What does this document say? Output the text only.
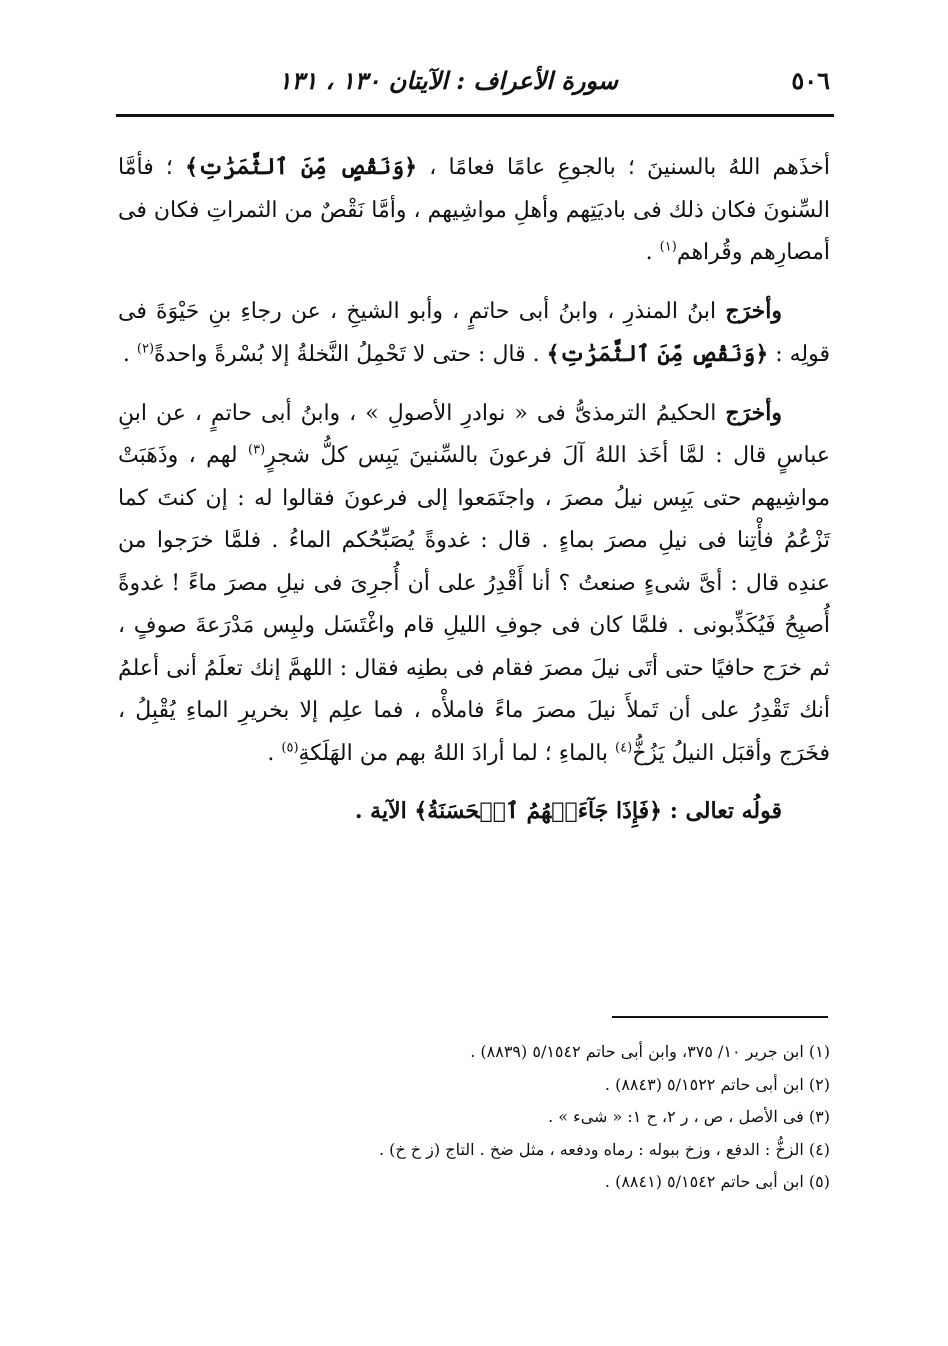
٥٠٦
سورة الأعراف : الآيتان ١٣٠ ، ١٣١

أخذَهم اللهُ بالسنينَ ؛ بالجوعِ عامًا فعامًا ، ﴿وَنَقْصٍ مِّنَ ٱلثَّمَرَٰتِ﴾ ؛ فأمَّا السِّنونَ فكان ذلك فى باديَتِهم وأهلِ مواشِيهم ، وأمَّا نَقْصٌ من الثمراتِ فكان فى أمصارِهم وقُراهم$^{(١)}$ .

وأخرَج ابنُ المنذرِ ، وابنُ أبى حاتمٍ ، وأبو الشيخِ ، عن رجاءِ بنِ حَيْوَةَ فى قولِه : ﴿وَنَقْصٍ مِّنَ ٱلثَّمَرَٰتِ﴾ . قال : حتى لا تَحْمِلُ النَّخلةُ إلا بُسْرةً واحدةً$^{(٢)}$ .

وأخرَج الحكيمُ الترمذىُّ فى « نوادرِ الأصولِ » ، وابنُ أبى حاتمٍ ، عن ابنِ عباسٍ قال : لمَّا أخَذ اللهُ آلَ فرعونَ بالسِّنينَ يَبِس كلُّ شجرٍ$^{(٣)}$ لهم ، وذَهَبَتْ مواشِيهم حتى يَبِس نيلُ مصرَ ، واجتَمَعوا إلى فرعونَ فقالوا له : إن كنتَ كما تَزْعُمُ فأْتِنا فى نيلِ مصرَ بماءٍ . قال : غدوةً يُصَبِّحُكم الماءُ . فلمَّا خرَجوا من عندِه قال : أىَّ شىءٍ صنعتُ ؟ أنا أَقْدِرُ على أن أُجرِىَ فى نيلِ مصرَ ماءً ! غدوةً أُصبِحُ فَيُكَذِّبونى . فلمَّا كان فى جوفِ الليلِ قام واغْتَسَل ولبِس مَدْرَعةَ صوفٍ ، ثم خرَج حافيًا حتى أتَى نيلَ مصرَ فقام فى بطنِه فقال : اللهمَّ إنك تعلَمُ أنى أعلمُ أنك تَقْدِرُ على أن تَملأَ نيلَ مصرَ ماءً فاملأْه ، فما علِم إلا بخريرِ الماءِ يُقْبِلُ ، فخَرَج وأقبَل النيلُ يَزُخُّ$^{(٤)}$ بالماءِ ؛ لما أرادَ اللهُ بهم من الهَلَكةِ$^{(٥)}$ .

قولُه تعالى : ﴿فَإِذَا جَآءَتۡهُمُ ٱلۡحَسَنَةُ﴾ الآية .

(١) ابن جرير ١٠/ ٣٧٥، وابن أبى حاتم ٥/١٥٤٢ (٨٨٣٩) .

(٢) ابن أبى حاتم ٥/١٥٢٢ (٨٨٤٣) .

(٣) فى الأصل ، ص ، ر ٢، ح ١: « شىء » .

(٤) الزخُّ : الدفع ، وزخ ببوله : رماه ودفعه ، مثل ضخ . التاج (ز خ خ) .

(٥) ابن أبى حاتم ٥/١٥٤٢ (٨٨٤١) .
